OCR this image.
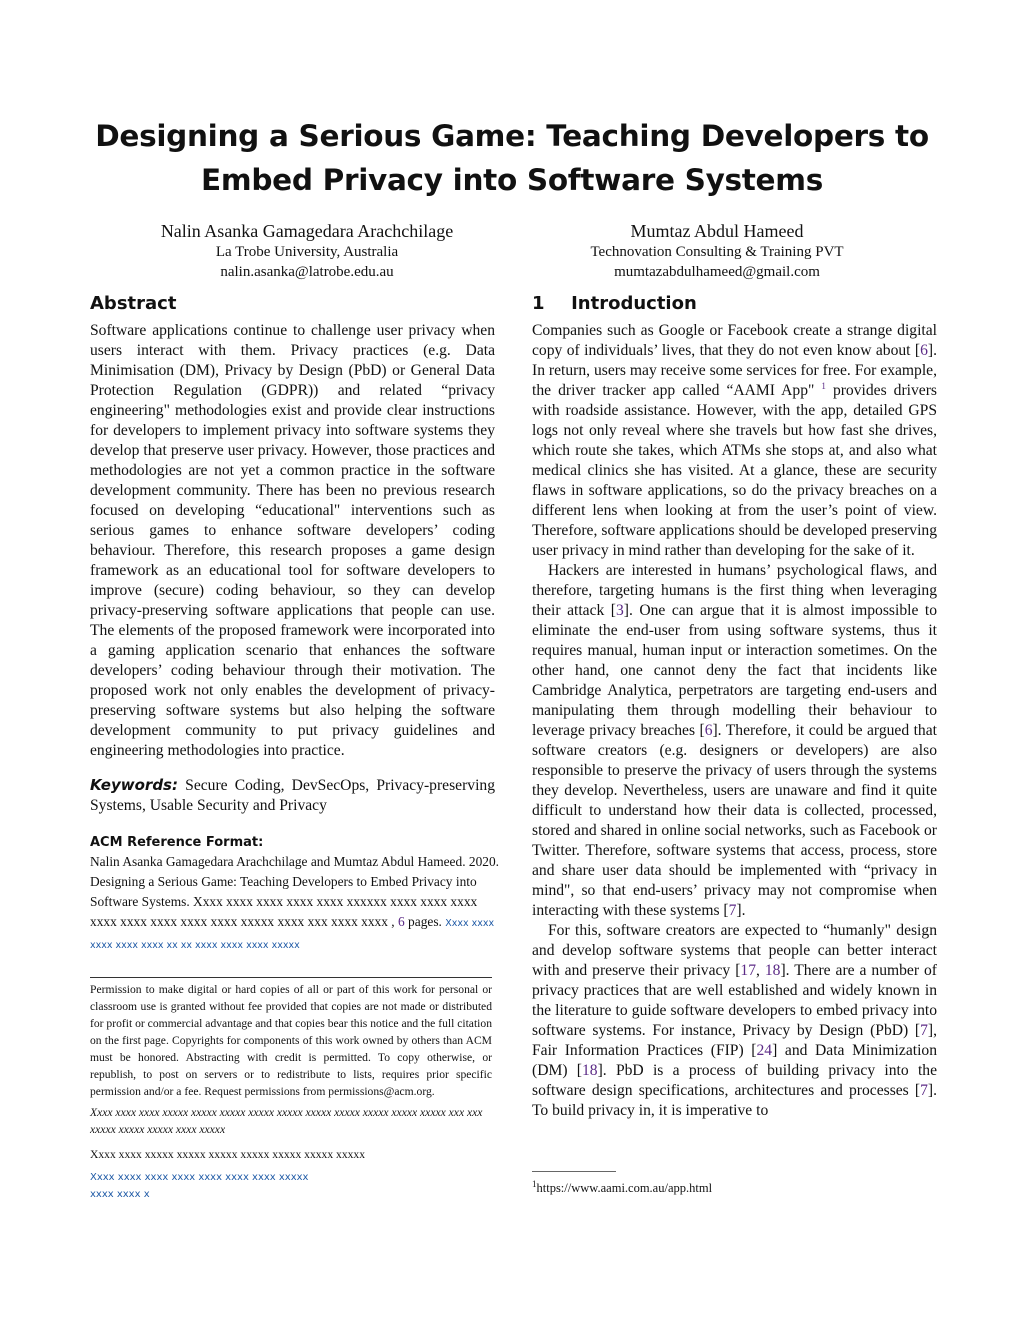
Designing a Serious Game: Teaching Developers to
Embed Privacy into Software Systems
Nalin Asanka Gamagedara Arachchilage
La Trobe University, Australia
nalin.asanka@latrobe.edu.au
Mumtaz Abdul Hameed
Technovation Consulting & Training PVT
mumtazabdulhameed@gmail.com
Abstract

Software applications continue to challenge user privacy when users interact with them. Privacy practices (e.g. Data Minimisation (DM), Privacy by Design (PbD) or General Data Protection Regulation (GDPR)) and related “privacy engineering" methodologies exist and provide clear instructions for developers to implement privacy into software systems they develop that preserve user privacy. However, those practices and methodologies are not yet a common practice in the software development community. There has been no previous research focused on developing “educational" interventions such as serious games to enhance software developers’ coding behaviour. Therefore, this research proposes a game design framework as an educational tool for software developers to improve (secure) coding behaviour, so they can develop privacy-preserving software applications that people can use. The elements of the proposed framework were incorporated into a gaming application scenario that enhances the software developers’ coding behaviour through their motivation. The proposed work not only enables the development of privacy-preserving software systems but also helping the software development community to put privacy guidelines and engineering methodologies into practice.

Keywords: Secure Coding, DevSecOps, Privacy-preserving Systems, Usable Security and Privacy

ACM Reference Format:
Nalin Asanka Gamagedara Arachchilage and Mumtaz Abdul Hameed. 2020. Designing a Serious Game: Teaching Developers to Embed Privacy into Software Systems. Xxxx xxxx xxxx xxxx xxxx xxxxxx xxxx xxxx xxxx xxxx xxxx xxxx xxxx xxxx xxxxx xxxx xxx xxxx xxxx , 6 pages. Xxxx xxxx xxxx xxxx xxxx xx xx xxxx xxxx xxxx xxxxx

Permission to make digital or hard copies of all or part of this work for personal or classroom use is granted without fee provided that copies are not made or distributed for profit or commercial advantage and that copies bear this notice and the full citation on the first page. Copyrights for components of this work owned by others than ACM must be honored. Abstracting with credit is permitted. To copy otherwise, or republish, to post on servers or to redistribute to lists, requires prior specific permission and/or a fee. Request permissions from permissions@acm.org.

Xxxx xxxx xxxx xxxxx xxxxx xxxxx xxxxx xxxxx xxxxx xxxxx xxxxx xxxxx xxxxx xxx xxx xxxxx xxxxx xxxxx xxxx xxxxx

Xxxx xxxx xxxxx xxxxx xxxxx xxxxx xxxxx xxxxx xxxxx

Xxxx xxxx xxxx xxxx xxxx xxxx xxxx xxxxx

xxxx xxxx x

1 Introduction

Companies such as Google or Facebook create a strange digital copy of individuals’ lives, that they do not even know about [6]. In return, users may receive some services for free. For example, the driver tracker app called “AAMI App" $^1$ provides drivers with roadside assistance. However, with the app, detailed GPS logs not only reveal where she travels but how fast she drives, which route she takes, which ATMs she stops at, and also what medical clinics she has visited. At a glance, these are security flaws in software applications, so do the privacy breaches on a different lens when looking at from the user’s point of view. Therefore, software applications should be developed preserving user privacy in mind rather than developing for the sake of it.

Hackers are interested in humans’ psychological flaws, and therefore, targeting humans is the first thing when leveraging their attack [3]. One can argue that it is almost impossible to eliminate the end-user from using software systems, thus it requires manual, human input or interaction sometimes. On the other hand, one cannot deny the fact that incidents like Cambridge Analytica, perpetrators are targeting end-users and manipulating them through modelling their behaviour to leverage privacy breaches [6]. Therefore, it could be argued that software creators (e.g. designers or developers) are also responsible to preserve the privacy of users through the systems they develop. Nevertheless, users are unaware and find it quite difficult to understand how their data is collected, processed, stored and shared in online social networks, such as Facebook or Twitter. Therefore, software systems that access, process, store and share user data should be implemented with “privacy in mind", so that end-users’ privacy may not compromise when interacting with these systems [7].

For this, software creators are expected to “humanly" design and develop software systems that people can better interact with and preserve their privacy [17, 18]. There are a number of privacy practices that are well established and widely known in the literature to guide software developers to embed privacy into software systems. For instance, Privacy by Design (PbD) [7], Fair Information Practices (FIP) [24] and Data Minimization (DM) [18]. PbD is a process of building privacy into the software design specifications, architectures and processes [7]. To build privacy in, it is imperative to

$^1$https://www.aami.com.au/app.html
